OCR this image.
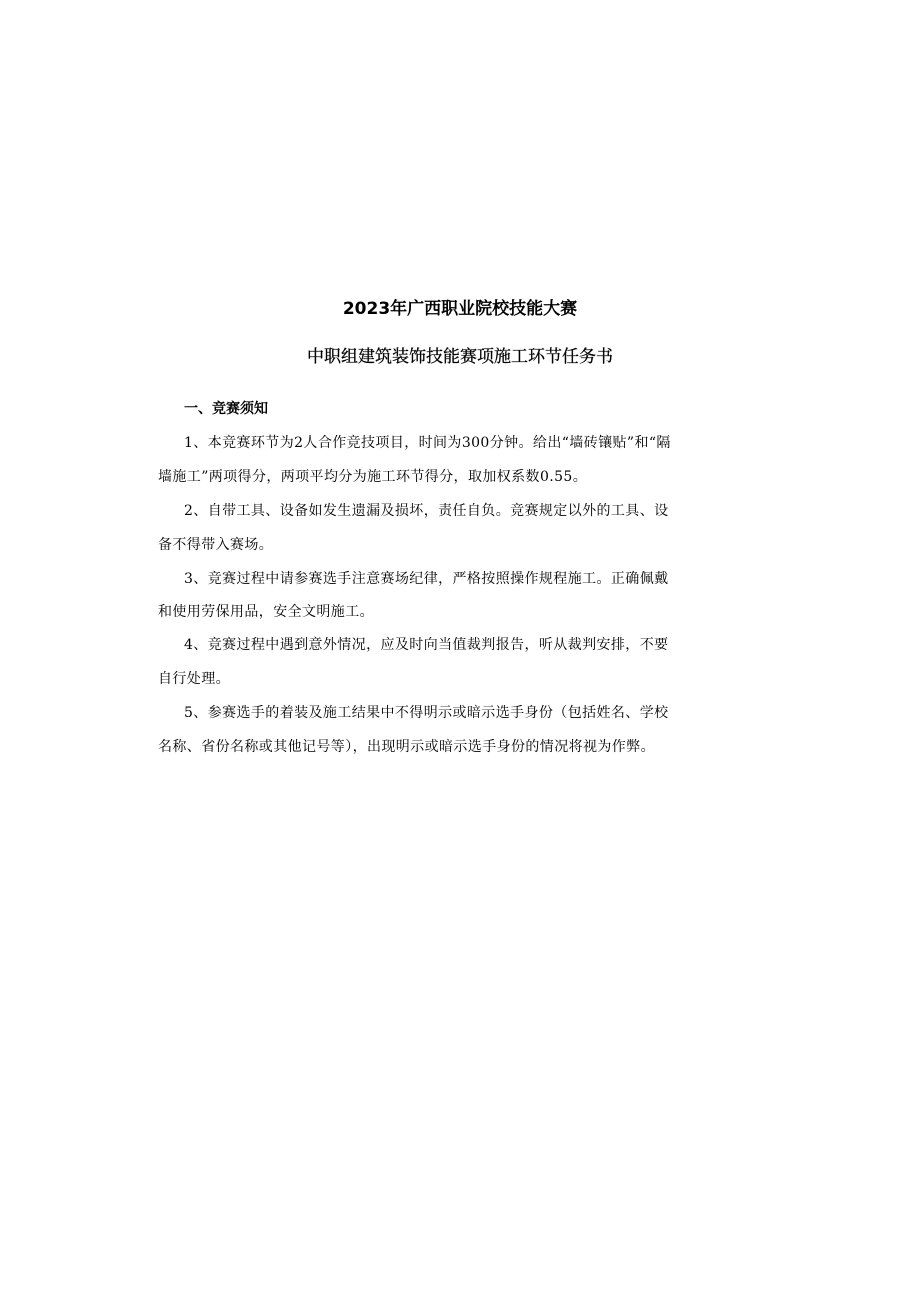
2023年广西职业院校技能大赛
中职组建筑装饰技能赛项施工环节任务书
一、竞赛须知
1、本竞赛环节为2人合作竞技项目，时间为300分钟。给出“墙砖镶贴”和“隔
墙施工”两项得分，两项平均分为施工环节得分，取加权系数0.55。
2、自带工具、设备如发生遗漏及损坏，责任自负。竞赛规定以外的工具、设
备不得带入赛场。
3、竞赛过程中请参赛选手注意赛场纪律，严格按照操作规程施工。正确佩戴
和使用劳保用品，安全文明施工。
4、竞赛过程中遇到意外情况，应及时向当值裁判报告，听从裁判安排，不要
自行处理。
5、参赛选手的着装及施工结果中不得明示或暗示选手身份（包括姓名、学校
名称、省份名称或其他记号等），出现明示或暗示选手身份的情况将视为作弊。
